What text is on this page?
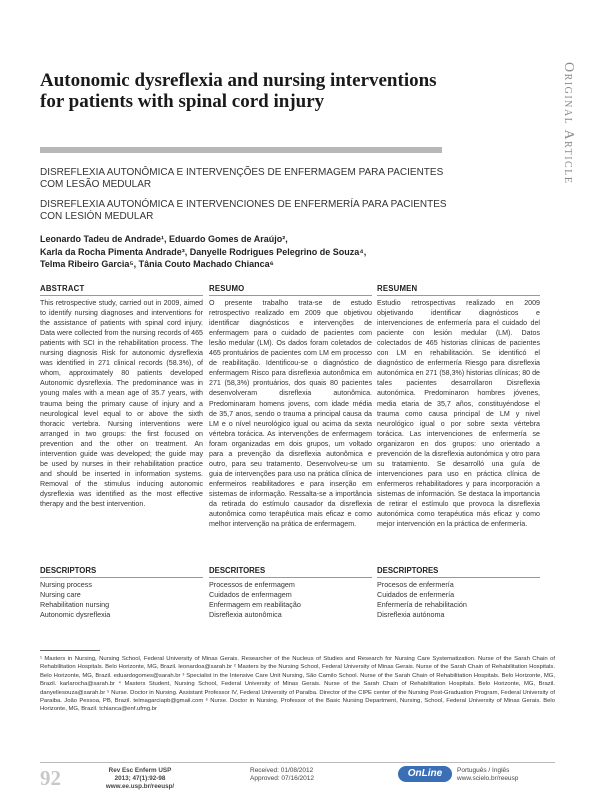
Autonomic dysreflexia and nursing interventions for patients with spinal cord injury	Original Article

DISREFLEXIA AUTONÔMICA E INTERVENÇÕES DE ENFERMAGEM PARA PACIENTES COM LESÃO MEDULAR

DISREFLEXIA AUTONÓMICA E INTERVENCIONES DE ENFERMERÍA PARA PACIENTES CON LESIÓN MEDULAR

Leonardo Tadeu de Andrade¹, Eduardo Gomes de Araújo²,
Karla da Rocha Pimenta Andrade³, Danyelle Rodrigues Pelegrino de Souza⁴,
Telma Ribeiro Garcia⁵, Tânia Couto Machado Chianca⁶
ABSTRACT

This retrospective study, carried out in 2009, aimed to identify nursing diagnoses and interventions for the assistance of patients with spinal cord injury. Data were collected from the nursing records of 465 patients with SCI in the rehabilitation process. The nursing diagnosis Risk for autonomic dysreflexia was identified in 271 clinical records (58.3%), of whom, approximately 80 patients developed Autonomic dysreflexia. The predominance was in young males with a mean age of 35.7 years, with trauma being the primary cause of injury and a neurological level equal to or above the sixth thoracic vertebra. Nursing interventions were arranged in two groups: the first focused on prevention and the other on treatment. An intervention guide was developed; the guide may be used by nurses in their rehabilitation practice and should be inserted in information systems. Removal of the stimulus inducing autonomic dysreflexia was identified as the most effective therapy and the best intervention.

RESUMO

O presente trabalho trata-se de estudo retrospectivo realizado em 2009 que objetivou identificar diagnósticos e intervenções de enfermagem para o cuidado de pacientes com lesão medular (LM). Os dados foram coletados de 465 prontuários de pacientes com LM em processo de reabilitação. Identificou-se o diagnóstico de enfermagem Risco para disreflexia autonômica em 271 (58,3%) prontuários, dos quais 80 pacientes desenvolveram disreflexia autonômica. Predominaram homens jovens, com idade média de 35,7 anos, sendo o trauma a principal causa da LM e o nível neurológico igual ou acima da sexta vértebra torácica. As intervenções de enfermagem foram organizadas em dois grupos, um voltado para a prevenção da disreflexia autonômica e outro, para seu tratamento. Desenvolveu-se um guia de intervenções para uso na prática clínica de enfermeiros reabilitadores e para inserção em sistemas de informação. Ressalta-se a importância da retirada do estímulo causador da disreflexia autonômica como terapêutica mais eficaz e como melhor intervenção na prática de enfermagem.

RESUMEN

Estudio retrospectivas realizado en 2009 objetivando identificar diagnósticos e intervenciones de enfermería para el cuidado del paciente con lesión medular (LM). Datos colectados de 465 historias clínicas de pacientes con LM en rehabilitación. Se identificó el diagnóstico de enfermería Riesgo para disreflexia autonómica en 271 (58,3%) historias clínicas; 80 de tales pacientes desarrollaron Disreflexia autonómica. Predominaron hombres jóvenes, media etaria de 35,7 años, constituyéndose el trauma como causa principal de LM y nivel neurológico igual o por sobre sexta vértebra torácica. Las intervenciones de enfermería se organizaron en dos grupos: uno orientado a prevención de la disreflexia autonómica y otro para su tratamiento. Se desarrolló una guía de intervenciones para uso en práctica clínica de enfermeros rehabilitadores y para incorporación a sistemas de información. Se destaca la importancia de retirar el estímulo que provoca la disreflexia autonómica como terapéutica más eficaz y como mejor intervención en la práctica de enfermería.

DESCRIPTORS
Nursing process
Nursing care
Rehabilitation nursing
Autonomic dysreflexia
DESCRITORES
Processos de enfermagem
Cuidados de enfermagem
Enfermagem em reabilitação
Disreflexia autonômica
DESCRIPTORES
Procesos de enfermería
Cuidados de enfermería
Enfermería de rehabilitación
Disreflexia autónoma
¹ Masters in Nursing, Nursing School, Federal University of Minas Gerais. Researcher of the Nucleus of Studies and Research for Nursing Care Systematization. Nurse of the Sarah Chain of Rehabilitation Hospitals. Belo Horizonte, MG, Brazil. leonardoa@sarah.br ² Masters by the Nursing School, Federal University of Minas Gerais. Nurse of the Sarah Chain of Rehabilitation Hospitals. Belo Horizonte, MG, Brazil. eduardogomes@sarah.br ³ Specialist in the Intensive Care Unit Nursing, São Camilo School. Nurse of the Sarah Chain of Rehabilitation Hospitals. Belo Horizonte, MG, Brazil. karlarocha@sarah.br ⁴ Masters Student, Nursing School, Federal University of Minas Gerais. Nurse of the Sarah Chain of Rehabilitation Hospitals. Belo Horizonte, MG, Brazil. danyellesouza@sarah.br ⁵ Nurse. Doctor in Nursing. Assistant Professor IV, Federal University of Paraiba. Director of the CIPE center of the Nursing Post-Graduation Program, Federal University of Paraiba. João Pessoa, PB, Brazil. telmagarciapb@gmail.com ⁶ Nurse. Doctor in Nursing. Professor of the Basic Nursing Department, Nursing, School, Federal University of Minas Gerais. Belo Horizonte, MG, Brazil. tchianca@enf.ufmg.br
92	Rev Esc Enferm USP
2013; 47(1):92-98
www.ee.usp.br/reeusp/
Received: 01/08/2012
Approved: 07/16/2012	OnLine	Português / Inglês
www.scielo.br/reeusp
